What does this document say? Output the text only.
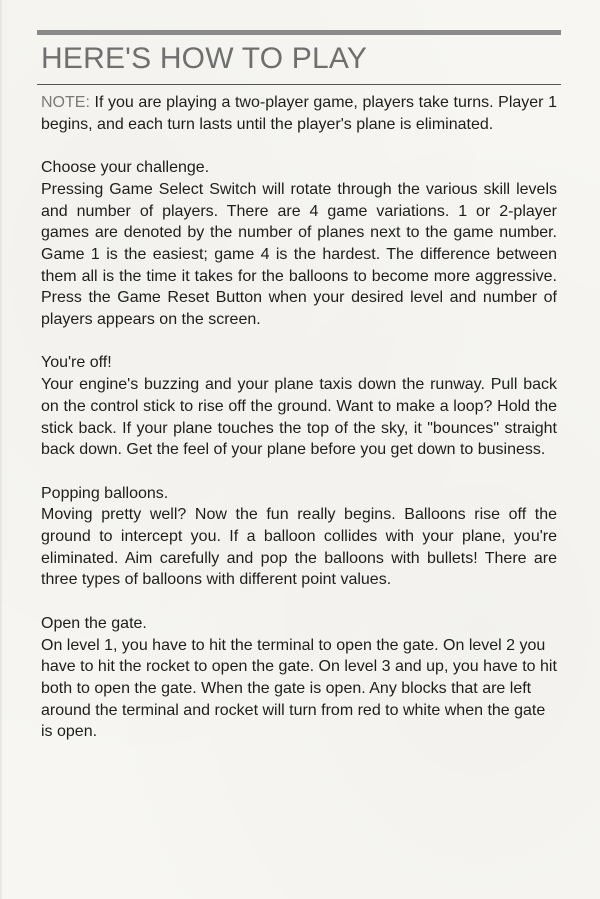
HERE'S HOW TO PLAY

NOTE: If you are playing a two-player game, players take turns. Player 1 begins, and each turn lasts until the player's plane is eliminated.

Choose your challenge.

Pressing Game Select Switch will rotate through the various skill levels and number of players. There are 4 game variations. 1 or 2-player games are denoted by the number of planes next to the game number. Game 1 is the easiest; game 4 is the hardest. The difference between them all is the time it takes for the balloons to become more aggressive. Press the Game Reset Button when your desired level and number of players appears on the screen.

You're off!

Your engine's buzzing and your plane taxis down the runway. Pull back on the control stick to rise off the ground. Want to make a loop? Hold the stick back. If your plane touches the top of the sky, it "bounces" straight back down. Get the feel of your plane before you get down to business.

Popping balloons.

Moving pretty well? Now the fun really begins. Balloons rise off the ground to intercept you. If a balloon collides with your plane, you're eliminated. Aim carefully and pop the balloons with bullets! There are three types of balloons with different point values.

Open the gate.

On level 1, you have to hit the terminal to open the gate. On level 2 you have to hit the rocket to open the gate. On level 3 and up, you have to hit both to open the gate. When the gate is open. Any blocks that are left around the terminal and rocket will turn from red to white when the gate is open.
